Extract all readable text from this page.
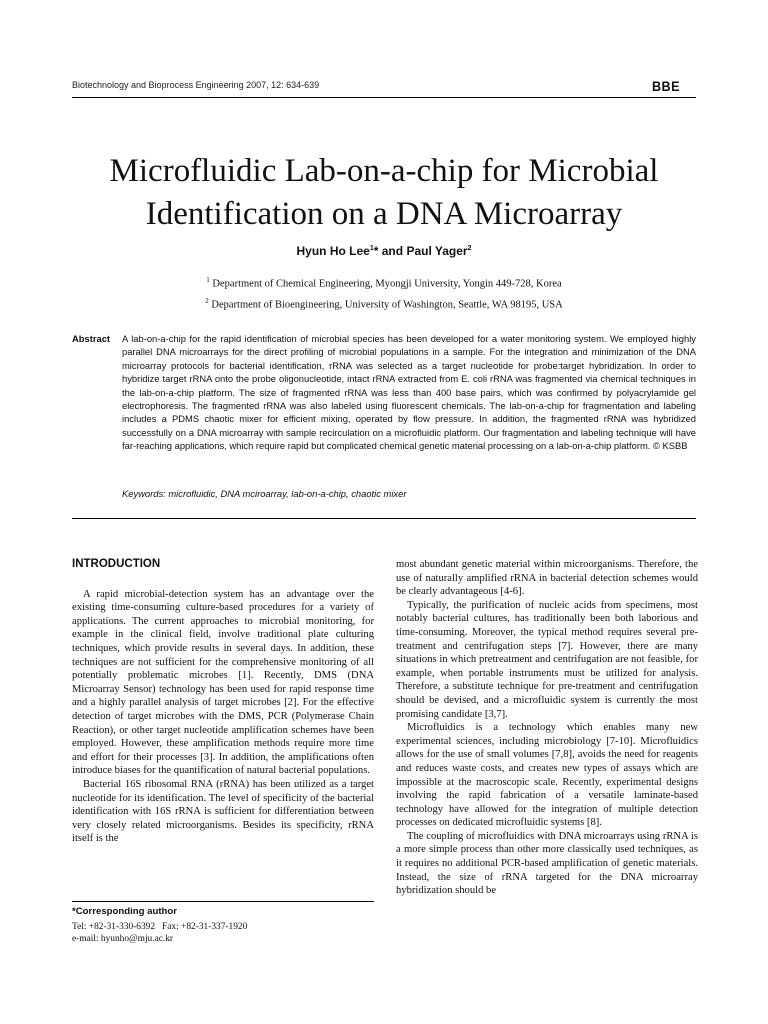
Biotechnology and Bioprocess Engineering 2007, 12: 634-639	BBE
Microfluidic Lab-on-a-chip for Microbial
Identification on a DNA Microarray
Hyun Ho Lee$^1$* and Paul Yager$^2$
$^1$ Department of Chemical Engineering, Myongji University, Yongin 449-728, Korea
$^2$ Department of Bioengineering, University of Washington, Seattle, WA 98195, USA
Abstract	A lab-on-a-chip for the rapid identification of microbial species has been developed for a water monitoring system. We employed highly parallel DNA microarrays for the direct profiling of microbial populations in a sample. For the integration and minimization of the DNA microarray protocols for bacterial identification, rRNA was selected as a target nucleotide for probe:target hybridization. In order to hybridize target rRNA onto the probe oligonucleotide, intact rRNA extracted from E. coli rRNA was fragmented via chemical techniques in the lab-on-a-chip platform. The size of fragmented rRNA was less than 400 base pairs, which was confirmed by polyacrylamide gel electrophoresis. The fragmented rRNA was also labeled using fluorescent chemicals. The lab-on-a-chip for fragmentation and labeling includes a PDMS chaotic mixer for efficient mixing, operated by flow pressure. In addition, the fragmented rRNA was hybridized successfully on a DNA microarray with sample recirculation on a microfluidic platform. Our fragmentation and labeling technique will have far-reaching applications, which require rapid but complicated chemical genetic material processing on a lab-on-a-chip platform. © KSBB

Keywords: microfluidic, DNA mciroarray, lab-on-a-chip, chaotic mixer
INTRODUCTION

A rapid microbial-detection system has an advantage over the existing time-consuming culture-based procedures for a variety of applications. The current approaches to microbial monitoring, for example in the clinical field, involve traditional plate culturing techniques, which provide results in several days. In addition, these techniques are not sufficient for the comprehensive monitoring of all potentially problematic microbes [1]. Recently, DMS (DNA Microarray Sensor) technology has been used for rapid response time and a highly parallel analysis of target microbes [2]. For the effective detection of target microbes with the DMS, PCR (Polymerase Chain Reaction), or other target nucleotide amplification schemes have been employed. However, these amplification methods require more time and effort for their processes [3]. In addition, the amplifications often introduce biases for the quantification of natural bacterial populations.

Bacterial 16S ribosomal RNA (rRNA) has been utilized as a target nucleotide for its identification. The level of specificity of the bacterial identification with 16S rRNA is sufficient for differentiation between very closely related microorganisms. Besides its specificity, rRNA itself is the

most abundant genetic material within microorganisms. Therefore, the use of naturally amplified rRNA in bacterial detection schemes would be clearly advantageous [4-6].

Typically, the purification of nucleic acids from specimens, most notably bacterial cultures, has traditionally been both laborious and time-consuming. Moreover, the typical method requires several pre-treatment and centrifugation steps [7]. However, there are many situations in which pretreatment and centrifugation are not feasible, for example, when portable instruments must be utilized for analysis. Therefore, a substitute technique for pre-treatment and centrifugation should be devised, and a microfluidic system is currently the most promising candidate [3,7].

Microfluidics is a technology which enables many new experimental sciences, including microbiology [7-10]. Microfluidics allows for the use of small volumes [7,8], avoids the need for reagents and reduces waste costs, and creates new types of assays which are impossible at the macroscopic scale. Recently, experimental designs involving the rapid fabrication of a versatile laminate-based technology have allowed for the integration of multiple detection processes on dedicated microfluidic systems [8].

The coupling of microfluidics with DNA microarrays using rRNA is a more simple process than other more classically used techniques, as it requires no additional PCR-based amplification of genetic materials. Instead, the size of rRNA targeted for the DNA microarray hybridization should be

*Corresponding author
Tel: +82-31-330-6392   Fax: +82-31-337-1920
e-mail: hyunho@mju.ac.kr
